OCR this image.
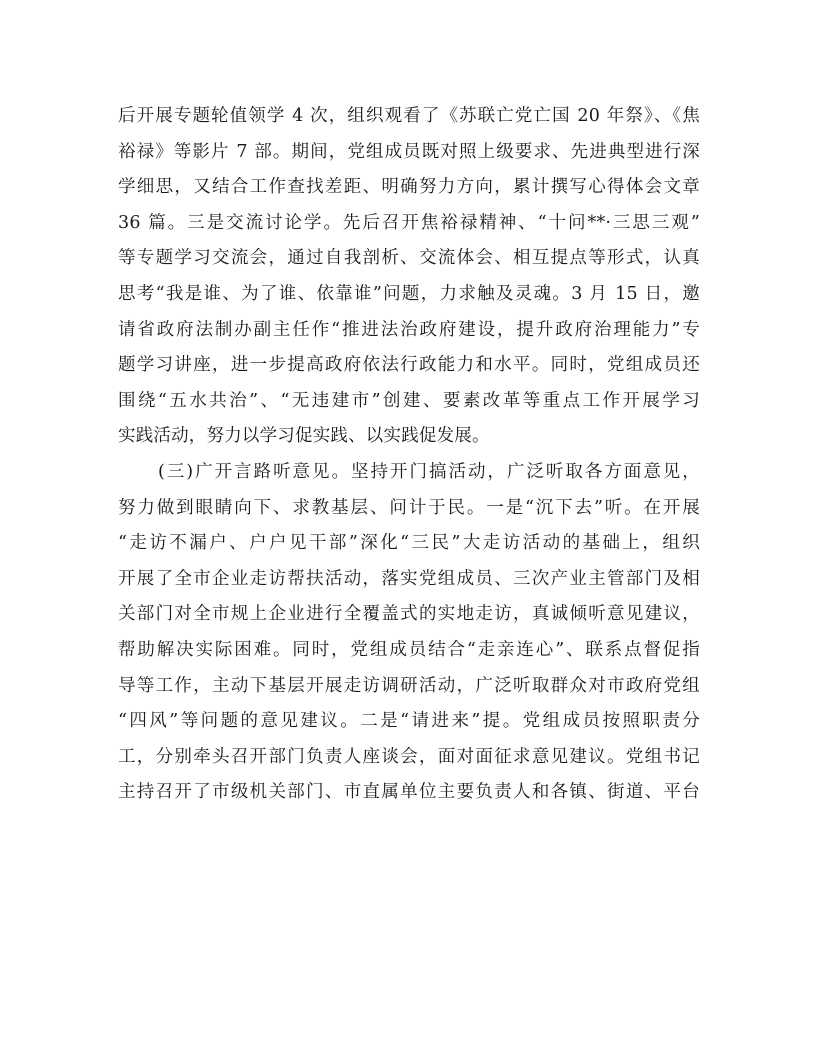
后开展专题轮值领学 4 次，组织观看了《苏联亡党亡国 20 年祭》、《焦
裕禄》等影片 7 部。期间，党组成员既对照上级要求、先进典型进行深
学细思，又结合工作查找差距、明确努力方向，累计撰写心得体会文章
36 篇。三是交流讨论学。先后召开焦裕禄精神、“十问**·三思三观”
等专题学习交流会，通过自我剖析、交流体会、相互提点等形式，认真
思考“我是谁、为了谁、依靠谁”问题，力求触及灵魂。3 月 15 日，邀
请省政府法制办副主任作“推进法治政府建设，提升政府治理能力”专
题学习讲座，进一步提高政府依法行政能力和水平。同时，党组成员还
围绕“五水共治”、“无违建市”创建、要素改革等重点工作开展学习
实践活动，努力以学习促实践、以实践促发展。
(三)广开言路听意见。坚持开门搞活动，广泛听取各方面意见，
努力做到眼睛向下、求教基层、问计于民。一是“沉下去”听。在开展
“走访不漏户、户户见干部”深化“三民”大走访活动的基础上，组织
开展了全市企业走访帮扶活动，落实党组成员、三次产业主管部门及相
关部门对全市规上企业进行全覆盖式的实地走访，真诚倾听意见建议，
帮助解决实际困难。同时，党组成员结合“走亲连心”、联系点督促指
导等工作，主动下基层开展走访调研活动，广泛听取群众对市政府党组
“四风”等问题的意见建议。二是“请进来”提。党组成员按照职责分
工，分别牵头召开部门负责人座谈会，面对面征求意见建议。党组书记
主持召开了市级机关部门、市直属单位主要负责人和各镇、街道、平台
